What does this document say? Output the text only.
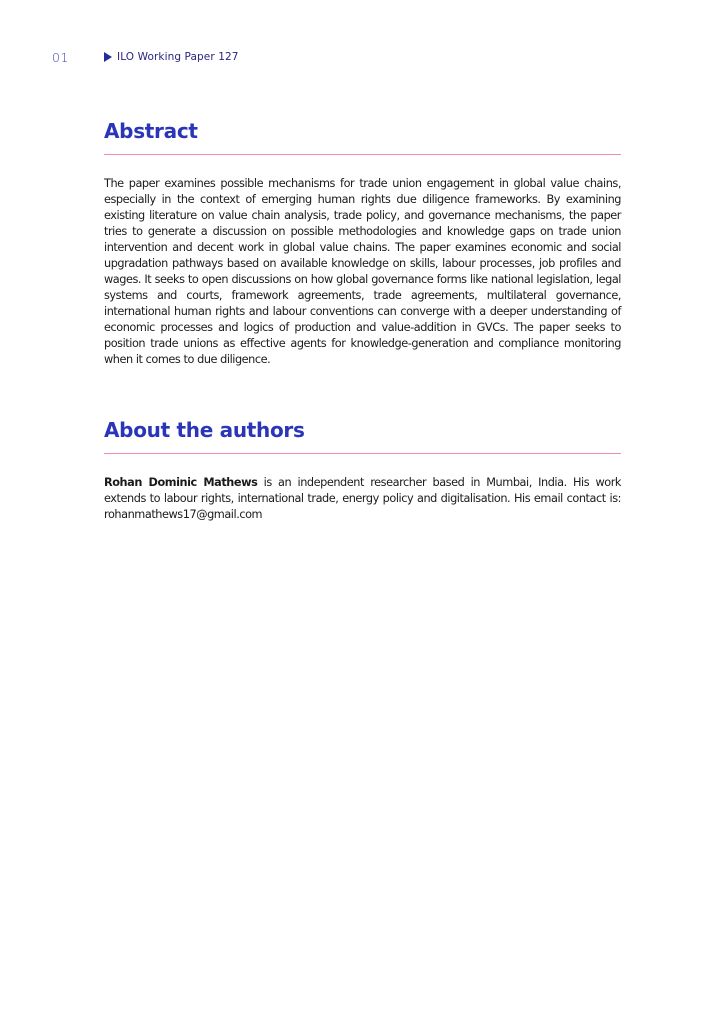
01	ILO Working Paper 127
Abstract

The paper examines possible mechanisms for trade union engagement in global value chains, especially in the context of emerging human rights due diligence frameworks. By examining existing literature on value chain analysis, trade policy, and governance mechanisms, the paper tries to generate a discussion on possible methodologies and knowledge gaps on trade union intervention and decent work in global value chains. The paper examines economic and social upgradation pathways based on available knowledge on skills, labour processes, job profiles and wages. It seeks to open discussions on how global governance forms like national legislation, legal systems and courts, framework agreements, trade agreements, multilateral governance, international human rights and labour conventions can converge with a deeper understanding of economic processes and logics of production and value-addition in GVCs. The paper seeks to position trade unions as effective agents for knowledge-generation and compliance monitoring when it comes to due diligence.

About the authors

Rohan Dominic Mathews is an independent researcher based in Mumbai, India. His work extends to labour rights, international trade, energy policy and digitalisation. His email contact is: rohanmathews17@gmail.com
